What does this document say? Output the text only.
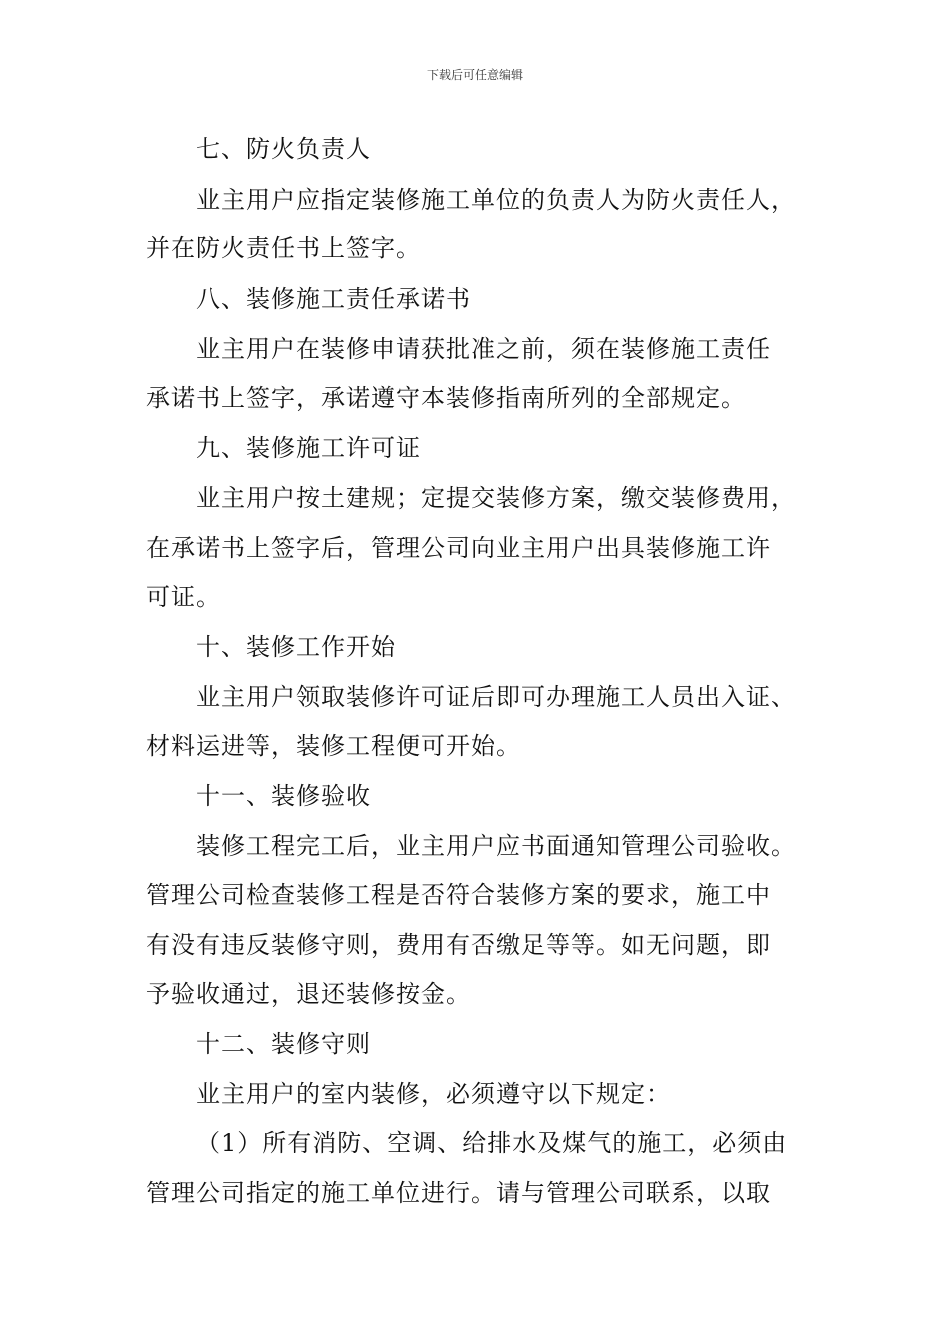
下载后可任意编辑
七、防火负责人
业主用户应指定装修施工单位的负责人为防火责任人，
并在防火责任书上签字。
八、装修施工责任承诺书
业主用户在装修申请获批准之前，须在装修施工责任
承诺书上签字，承诺遵守本装修指南所列的全部规定。
九、装修施工许可证
业主用户按土建规；定提交装修方案，缴交装修费用，
在承诺书上签字后，管理公司向业主用户出具装修施工许
可证。
十、装修工作开始
业主用户领取装修许可证后即可办理施工人员出入证、
材料运进等，装修工程便可开始。
十一、装修验收
装修工程完工后，业主用户应书面通知管理公司验收。
管理公司检查装修工程是否符合装修方案的要求，施工中
有没有违反装修守则，费用有否缴足等等。如无问题，即
予验收通过，退还装修按金。
十二、装修守则
业主用户的室内装修，必须遵守以下规定：
（1）所有消防、空调、给排水及煤气的施工，必须由
管理公司指定的施工单位进行。请与管理公司联系，以取
